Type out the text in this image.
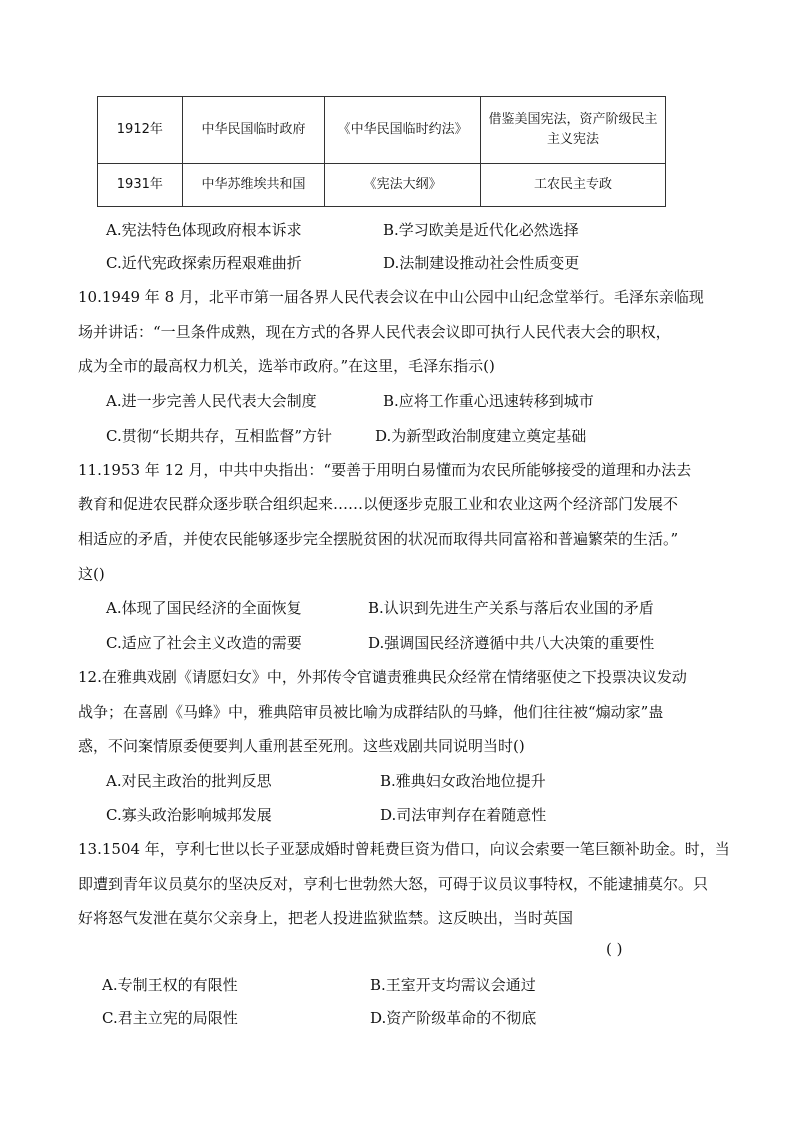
1912年	中华民国临时政府	《中华民国临时约法》	借鉴美国宪法，资产阶级民主主义宪法
1931年	中华苏维埃共和国	《宪法大纲》	工农民主专政
A.宪法特色体现政府根本诉求	B.学习欧美是近代化必然选择
C.近代宪政探索历程艰难曲折	D.法制建设推动社会性质变更
10.1949 年 8 月，北平市第一届各界人民代表会议在中山公园中山纪念堂举行。毛泽东亲临现
场并讲话：“一旦条件成熟，现在方式的各界人民代表会议即可执行人民代表大会的职权，
成为全市的最高权力机关，选举市政府。”在这里，毛泽东指示()
A.进一步完善人民代表大会制度	B.应将工作重心迅速转移到城市
C.贯彻“长期共存，互相监督”方针	D.为新型政治制度建立奠定基础
11.1953 年 12 月，中共中央指出：“要善于用明白易懂而为农民所能够接受的道理和办法去
教育和促进农民群众逐步联合组织起来……以便逐步克服工业和农业这两个经济部门发展不
相适应的矛盾，并使农民能够逐步完全摆脱贫困的状况而取得共同富裕和普遍繁荣的生活。”
这()
A.体现了国民经济的全面恢复	B.认识到先进生产关系与落后农业国的矛盾
C.适应了社会主义改造的需要	D.强调国民经济遵循中共八大决策的重要性
12.在雅典戏剧《请愿妇女》中，外邦传令官谴责雅典民众经常在情绪驱使之下投票决议发动
战争；在喜剧《马蜂》中，雅典陪审员被比喻为成群结队的马蜂，他们往往被“煽动家”蛊
惑，不问案情原委便要判人重刑甚至死刑。这些戏剧共同说明当时()
A.对民主政治的批判反思	B.雅典妇女政治地位提升
C.寡头政治影响城邦发展	D.司法审判存在着随意性
13.1504 年，亨利七世以长子亚瑟成婚时曾耗费巨资为借口，向议会索要一笔巨额补助金。时，当
即遭到青年议员莫尔的坚决反对，亨利七世勃然大怒，可碍于议员议事特权，不能逮捕莫尔。只
好将怒气发泄在莫尔父亲身上，把老人投进监狱监禁。这反映出，当时英国
( )
A.专制王权的有限性	B.王室开支均需议会通过
C.君主立宪的局限性	D.资产阶级革命的不彻底
